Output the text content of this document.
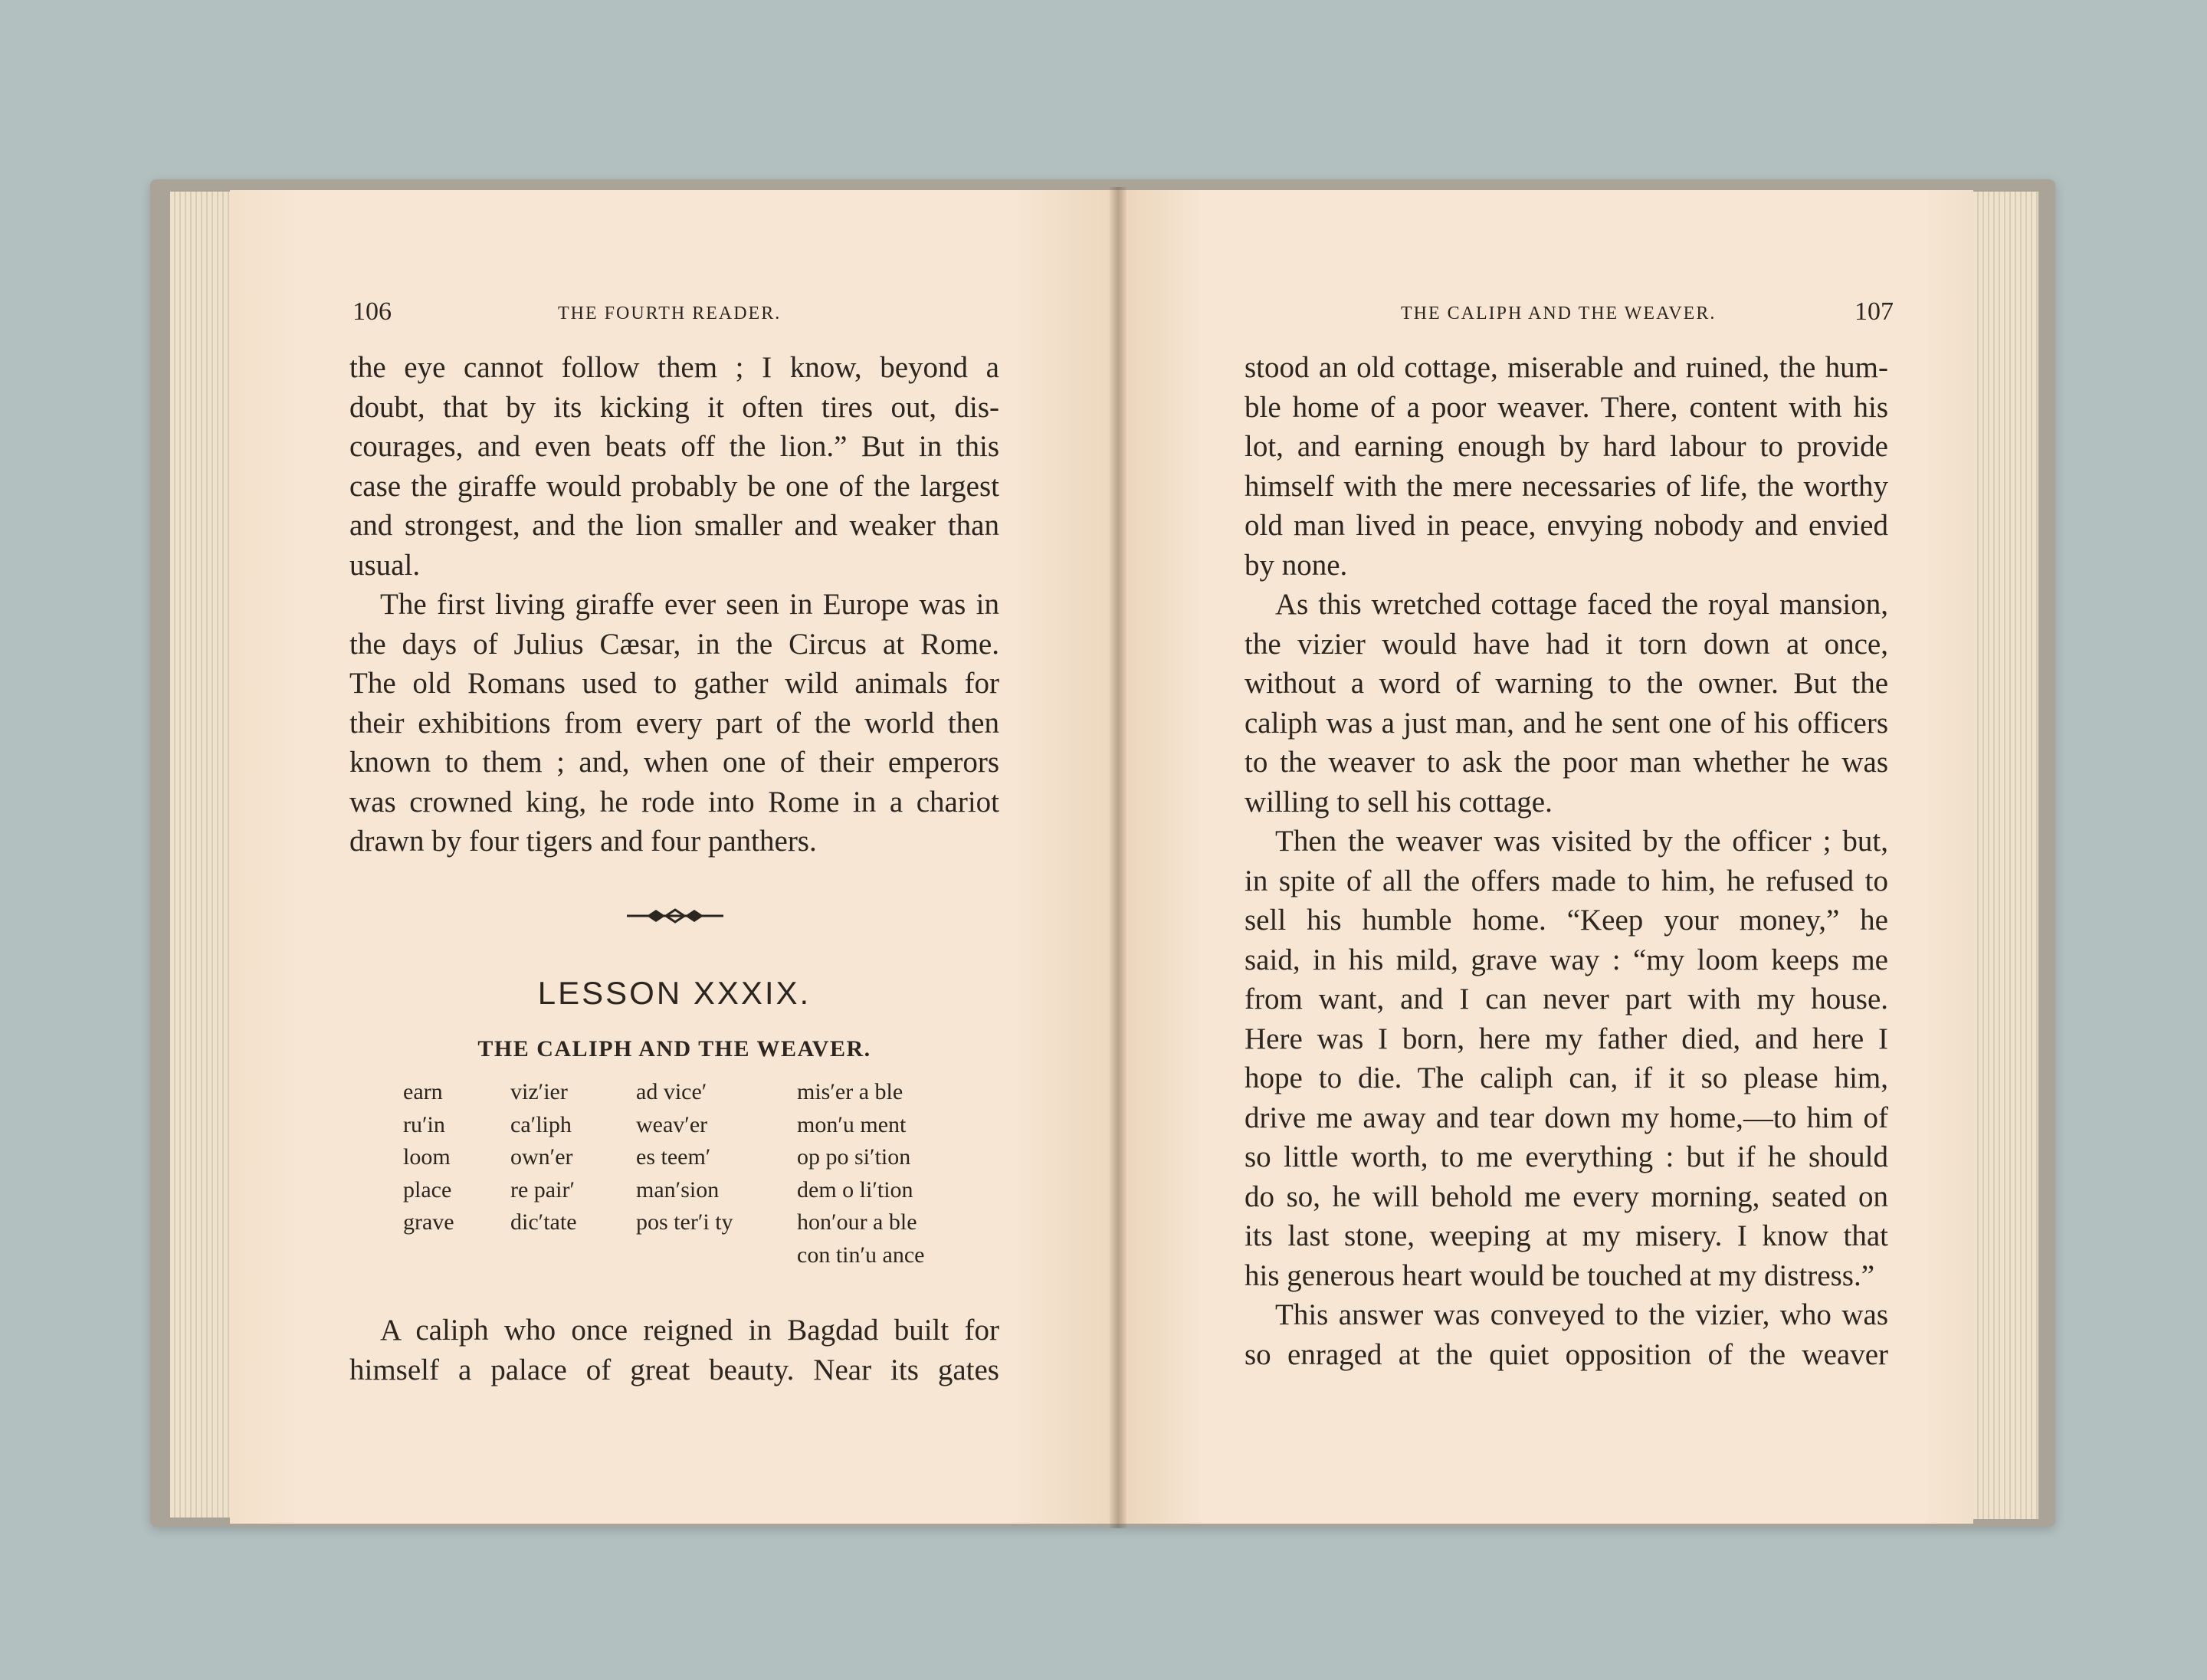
106	THE FOURTH READER.
the eye cannot follow them ; I know, beyond a
doubt, that by its kicking it often tires out, dis-
courages, and even beats off the lion.” But in this
case the giraffe would probably be one of the largest
and strongest, and the lion smaller and weaker than
usual.
The first living giraffe ever seen in Europe was in
the days of Julius Cæsar, in the Circus at Rome.
The old Romans used to gather wild animals for
their exhibitions from every part of the world then
known to them ; and, when one of their emperors
was crowned king, he rode into Rome in a chariot
drawn by four tigers and four panthers.
LESSON XXXIX.
THE CALIPH AND THE WEAVER.
earn
ru′in
loom
place
grave
viz′ier
ca′liph
own′er
re pair′
dic′tate
ad vice′
weav′er
es teem′
man′sion
pos ter′i ty
mis′er a ble
mon′u ment
op po si′tion
dem o li′tion
hon′our a ble
con tin′u ance
A caliph who once reigned in Bagdad built for
himself a palace of great beauty. Near its gates
THE CALIPH AND THE WEAVER.	107
stood an old cottage, miserable and ruined, the hum-
ble home of a poor weaver. There, content with his
lot, and earning enough by hard labour to provide
himself with the mere necessaries of life, the worthy
old man lived in peace, envying nobody and envied
by none.
As this wretched cottage faced the royal mansion,
the vizier would have had it torn down at once,
without a word of warning to the owner. But the
caliph was a just man, and he sent one of his officers
to the weaver to ask the poor man whether he was
willing to sell his cottage.
Then the weaver was visited by the officer ; but,
in spite of all the offers made to him, he refused to
sell his humble home. “Keep your money,” he
said, in his mild, grave way : “my loom keeps me
from want, and I can never part with my house.
Here was I born, here my father died, and here I
hope to die. The caliph can, if it so please him,
drive me away and tear down my home,—to him of
so little worth, to me everything : but if he should
do so, he will behold me every morning, seated on
its last stone, weeping at my misery. I know that
his generous heart would be touched at my distress.”
This answer was conveyed to the vizier, who was
so enraged at the quiet opposition of the weaver
